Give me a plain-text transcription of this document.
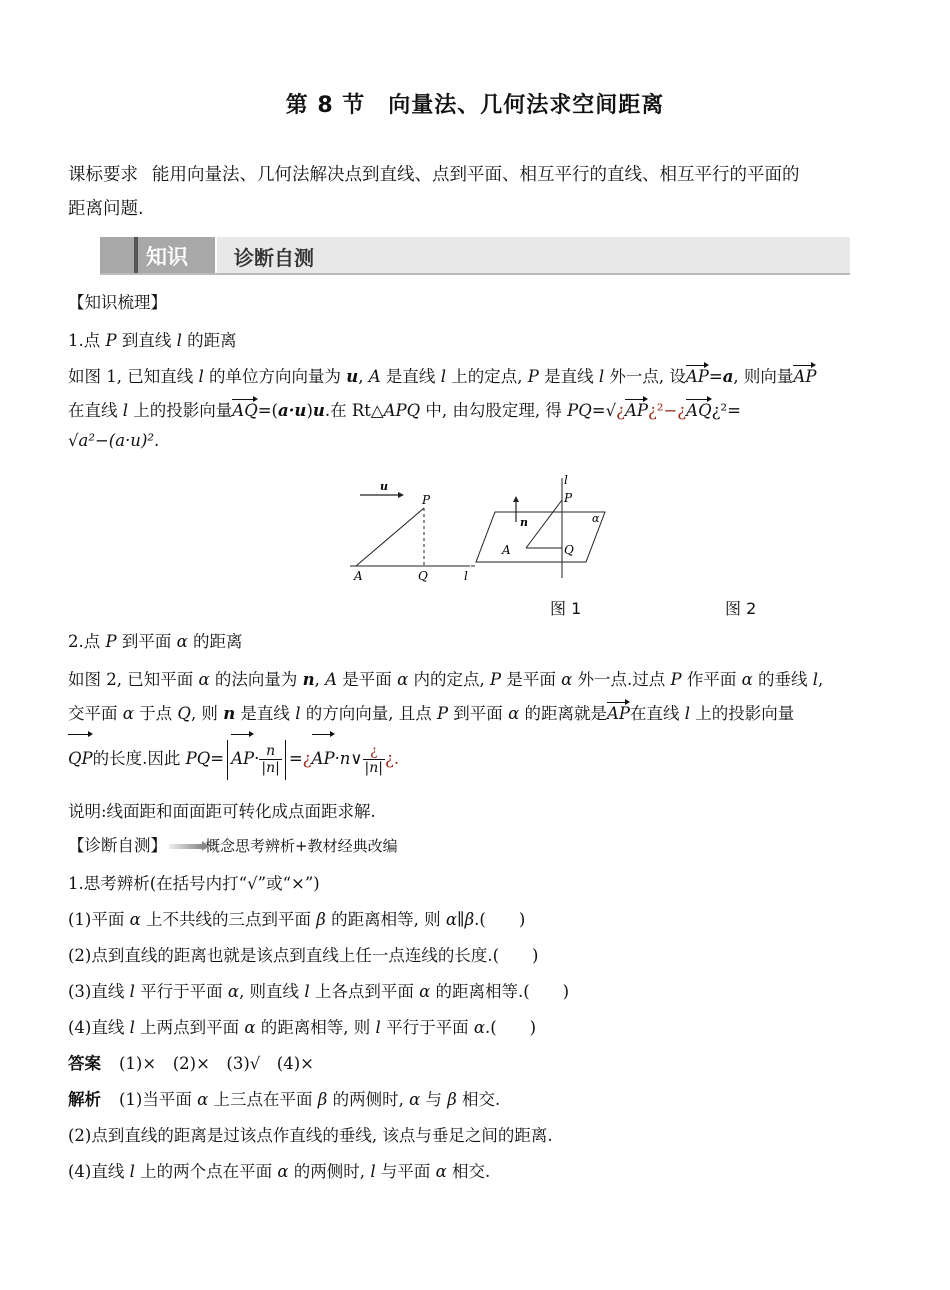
第 8 节　向量法、几何法求空间距离
课标要求 能用向量法、几何法解决点到直线、点到平面、相互平行的直线、相互平行的平面的
距离问题.
知识 诊断自测
【知识梳理】
1.点 P 到直线 l 的距离
如图 1, 已知直线 l 的单位方向向量为 u, A 是直线 l 上的定点, P 是直线 l 外一点, 设AP=a, 则向量AP
在直线 l 上的投影向量AQ=(a·u)u.在 Rt△APQ 中, 由勾股定理, 得 PQ=√¿AP¿²−¿AQ¿²=
√a²−(a·u)².
u
P
A	Q	l
n
l
P
α
A	Q
图 1	图 2
2.点 P 到平面 α 的距离
如图 2, 已知平面 α 的法向量为 n, A 是平面 α 内的定点, P 是平面 α 外一点.过点 P 作平面 α 的垂线 l,
交平面 α 于点 Q, 则 n 是直线 l 的方向向量, 且点 P 到平面 α 的距离就是AP在直线 l 上的投影向量
QP的长度.因此 $PQ= AP\cdot \frac{n}{|n|}$ =¿AP·n∨ $\frac{¿}{|n|}$ ¿.
说明:线面距和面面距可转化成点面距求解.
【诊断自测】	概念思考辨析+教材经典改编
1.思考辨析(在括号内打“√”或“×”)
(1)平面 α 上不共线的三点到平面 β 的距离相等, 则 α∥β.(　　)
(2)点到直线的距离也就是该点到直线上任一点连线的长度.(　　)
(3)直线 l 平行于平面 α, 则直线 l 上各点到平面 α 的距离相等.(　　)
(4)直线 l 上两点到平面 α 的距离相等, 则 l 平行于平面 α.(　　)
答案 (1)×　(2)×　(3)√　(4)×
解析 (1)当平面 α 上三点在平面 β 的两侧时, α 与 β 相交.
(2)点到直线的距离是过该点作直线的垂线, 该点与垂足之间的距离.
(4)直线 l 上的两个点在平面 α 的两侧时, l 与平面 α 相交.
